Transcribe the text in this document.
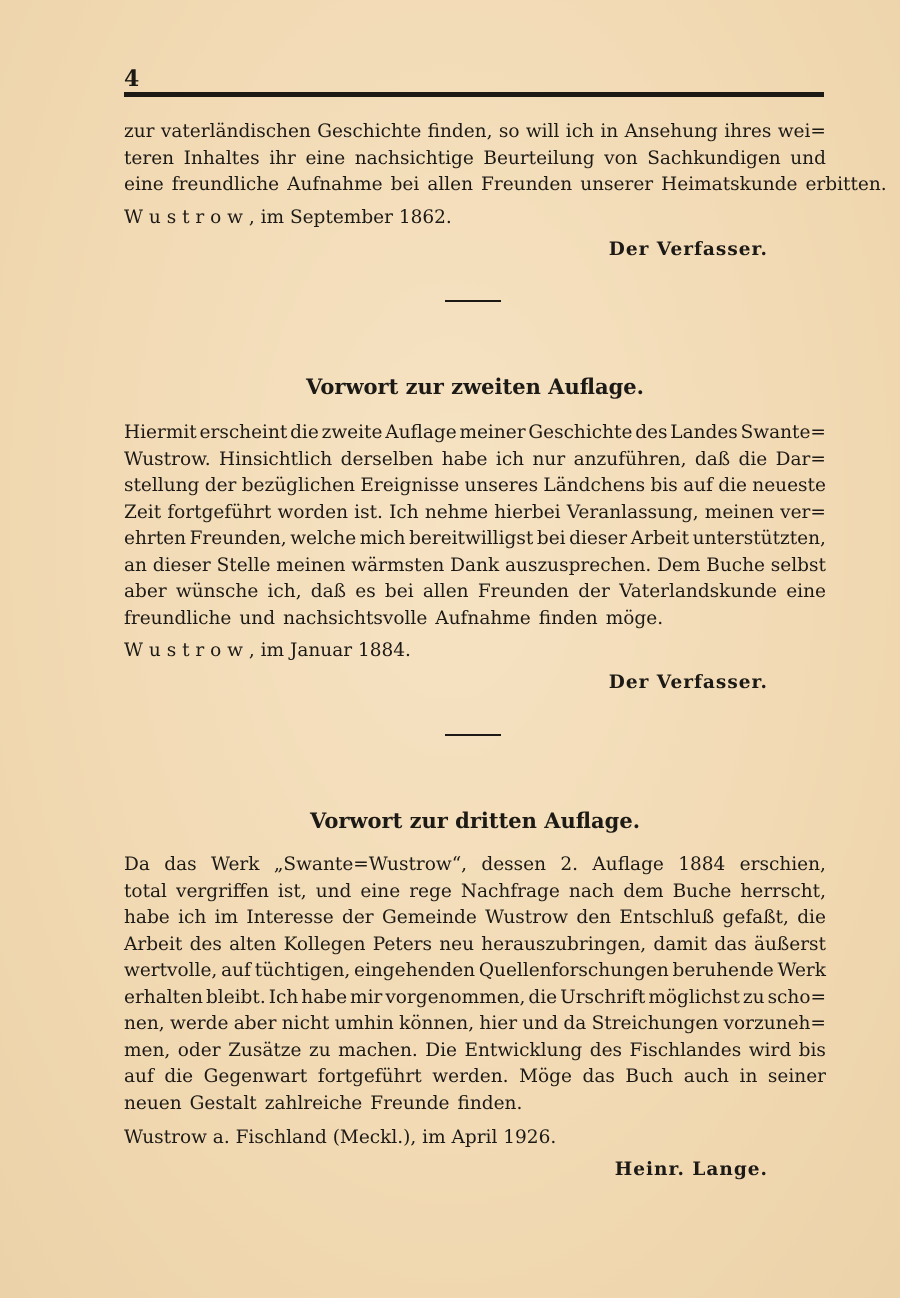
4
zur vaterländischen Geschichte finden, so will ich in Ansehung ihres wei=
teren Inhaltes ihr eine nachsichtige Beurteilung von Sachkundigen und
eine freundliche Aufnahme bei allen Freunden unserer Heimatskunde erbitten.
W u s t r o w , im September 1862.
Der Verfasser.
Vorwort zur zweiten Auflage.
Hiermit erscheint die zweite Auflage meiner Geschichte des Landes Swante=
Wustrow. Hinsichtlich derselben habe ich nur anzuführen, daß die Dar=
stellung der bezüglichen Ereignisse unseres Ländchens bis auf die neueste
Zeit fortgeführt worden ist. Ich nehme hierbei Veranlassung, meinen ver=
ehrten Freunden, welche mich bereitwilligst bei dieser Arbeit unterstützten,
an dieser Stelle meinen wärmsten Dank auszusprechen. Dem Buche selbst
aber wünsche ich, daß es bei allen Freunden der Vaterlandskunde eine
freundliche und nachsichtsvolle Aufnahme finden möge.
W u s t r o w , im Januar 1884.
Der Verfasser.
Vorwort zur dritten Auflage.
Da das Werk „Swante=Wustrow“, dessen 2. Auflage 1884 erschien,
total vergriffen ist, und eine rege Nachfrage nach dem Buche herrscht,
habe ich im Interesse der Gemeinde Wustrow den Entschluß gefaßt, die
Arbeit des alten Kollegen Peters neu herauszubringen, damit das äußerst
wertvolle, auf tüchtigen, eingehenden Quellenforschungen beruhende Werk
erhalten bleibt. Ich habe mir vorgenommen, die Urschrift möglichst zu scho=
nen, werde aber nicht umhin können, hier und da Streichungen vorzuneh=
men, oder Zusätze zu machen. Die Entwicklung des Fischlandes wird bis
auf die Gegenwart fortgeführt werden. Möge das Buch auch in seiner
neuen Gestalt zahlreiche Freunde finden.
Wustrow a. Fischland (Meckl.), im April 1926.
Heinr. Lange.
